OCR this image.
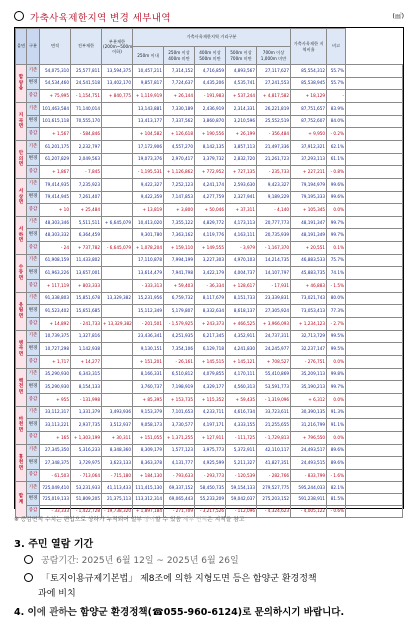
가축사육제한지역 변경 세부내역	(㎡)
읍면	구분	면적	전부제한	부분제한(200m~500m이하)	가축사육제한지역 거리구분					가축사육제한 지역비율	비고	
					250m 이내	250m 이상 400m 미만	400m 이상 500m 미만	500m 이상 700m 미만	700m 이상 1,000m 미만			
합양읍	기존	54,075,310	25,577,811	13,594,375	10,457,211	7,314,152	4,716,859	4,893,567	27,117,627	85,554,312	55.7%	
	변경	54,534,460	24,541,518	13,402,170	9,857,817	7,724,637	4,435,206	4,535,741	27,241,553	85,538,945	55.7%	
	증감	+ 75,995	- 1,154,751	+ 840,775	+ 1,119,919	+ 26,144	- 191,983	+ 537,244	+ 4,817,582	+ 18,129	-	
지곡면	기존	101,463,584	71,140,014		13,143,881	7,330,189	2,436,919	2,314,331	26,221,819	87,751,657	83.9%	
	변경	101,615,118	70,555,170		13,413,177	7,337,562	3,860,870	3,210,596	25,552,519	87,752,607	84.0%	
	증감	+ 1,567	- 584,846		+ 104,582	+ 126,618	+ 190,556	+ 26,199	- 356,484	+ 9,950	- 0.2%	
안의면	기존	61,201,175	2,232,797		17,172,906	4,557,270	8,142,135	3,857,113	21,497,336	37,912,321	62.1%	
	변경	61,207,829	2,049,563		19,073,376	2,970,417	3,379,732	2,832,720	21,261,723	37,293,113	61.1%	
	증감	+ 1,867	- 7,845		- 1,195,531	+ 1,126,862	+ 772,952	+ 727,135	- 235,733	+ 227,211	- 0.8%	
서상면	기존	79,414,935	7,235,923		9,422,327	7,252,123	4,241,174	2,593,630	9,423,327	79,194,979	99.6%	
	변경	79,414,945	7,261,407		9,422,359	7,147,853	4,277,759	2,327,941	9,189,229	79,195,333	99.6%	
	증감	+ 10	+ 25,484		+ 13,819	+ 3,800	+ 50,046	+ 37,311	- 4,140	+ 105,345	0.0%	
서하면	기존	48,303,346	5,511,511	+ 6,645,079	10,413,020	7,355,122	4,829,772	4,173,113	20,777,773	48,191,347	99.7%	
	변경	48,303,332	6,364,459		9,301,780	7,363,162	4,119,776	4,163,111	20,735,939	48,191,349	99.7%	
	증감	- 24	+ 737,782	- 6,645,079	+ 1,078,204	+ 159,110	+ 149,555	- 3,979	- 1,167,370	+ 20,551	0.1%	
수동면	기존	61,908,159	11,433,802		17,110,878	7,994,199	3,227,303	4,970,103	14,214,735	46,883,533	75.7%	
	변경	61,963,226	13,657,001		13,614,479	7,941,798	3,422,179	4,004,737	14,107,797	45,883,735	74.1%	
	증감	+ 117,119	+ 803,333		- 333,313	+ 59,403	- 36,334	+ 128,617	- 17,931	+ 46,883	- 1.5%	
유림면	기존	91,338,803	15,851,678	13,329,382	15,231,956	6,759,732	8,117,679	8,151,733	23,339,831	73,021,743	80.0%	
	변경	91,523,402	15,651,685		15,112,349	5,179,807	8,332,634	8,618,137	27,305,924	73,053,413	77.3%	
	증감	+ 14,892	- 241,733	+ 13,329,382	- 201,501	- 1,579,925	+ 243,373	+ 466,525	+ 3,966,093	+ 1,234,123	- 2.7%	
병곡면	기존	10,739,375	1,327,816		23,436,341	4,251,935	6,217,345	4,352,911	24,737,311	32,713,729	99.5%	
	변경	10,727,298	1,142,938		9,130,151	7,354,106	6,129,718	4,241,830	24,245,977	32,237,147	99.5%	
	증감	+ 1,717	+ 14,277		+ 151,201	- 26,161	+ 145,515	+ 145,121	+ 708,527	- 276,751	0.0%	
백전면	기존	35,290,930	6,343,315		8,166,331	6,510,812	4,079,855	4,170,111	55,410,869	35,209,113	99.8%	
	변경	35,290,930	8,154,133		3,760,737	7,198,919	4,329,177	4,560,313	53,591,773	35,190,213	99.7%	
	증감	+ 955	- 131,998		+ 85,395	+ 153,735	+ 115,352	+ 59,435	- 1,319,096	+ 6,312	0.0%	
마천면	기존	33,112,317	1,331,379	3,493,936	9,153,379	7,101,653	4,233,711	4,616,734	33,723,611	30,390,135	91.3%	
	변경	33,113,221	2,937,735	3,512,937	9,058,173	3,730,577	4,197,171	4,333,155	21,255,655	31,216,799	91.1%	
	증감	+ 165	+ 1,303,199	+ 30,311	+ 151,055	+ 1,371,255	+ 127,911	- 111,725	- 1,729,813	+ 796,550	0.0%	
휴천면	기존	27,345,350	5,316,233	8,348,360	8,309,179	1,577,123	3,975,773	5,372,911	42,110,117	24,493,517	89.6%	
	변경	27,348,375	3,729,975	3,623,133	8,363,378	4,131,777	4,925,599	5,211,327	41,827,351	24,493,515	89.6%	
	증감	- 61,503	- 713,064	- 715,180	+ 184,130	- 793,633	- 293,773	- 120,539	- 282,766	- 833,799	- 1.6%	
합계	기존	725,049,410	53,231,933	41,113,433	111,415,130	69,337,152	58,450,735	59,154,133	279,527,775	595,244,033	82.1%	
	변경	725,019,133	51,809,205	21,375,113	113,312,314	69,065,443	55,233,209	59,042,037	275,203,152	591,238,911	81.5%	
	증감	- 33,333	- 1,422,728	- 19,738,320	+ 1,897,184	- 271,709	- 3,217,526	- 112,096	- 4,324,623	- 4,005,122	- 0.6%	
※ 증감면적 수치는 편입으로 상하가 누적되어 일부 상이할 수 있음 세부 면적은 지적을 참고
3. 주민 열람 기간
공람기간: 2025년 6월 12일 ~ 2025년 6월 26일
「토지이용규제기본법」 제8조에 의한 지형도면 등은 함양군 환경정책
과에 비치
4. 이에 관하는 함양군 환경정책(☎055-960-6124)로 문의하시기 바랍니다.
